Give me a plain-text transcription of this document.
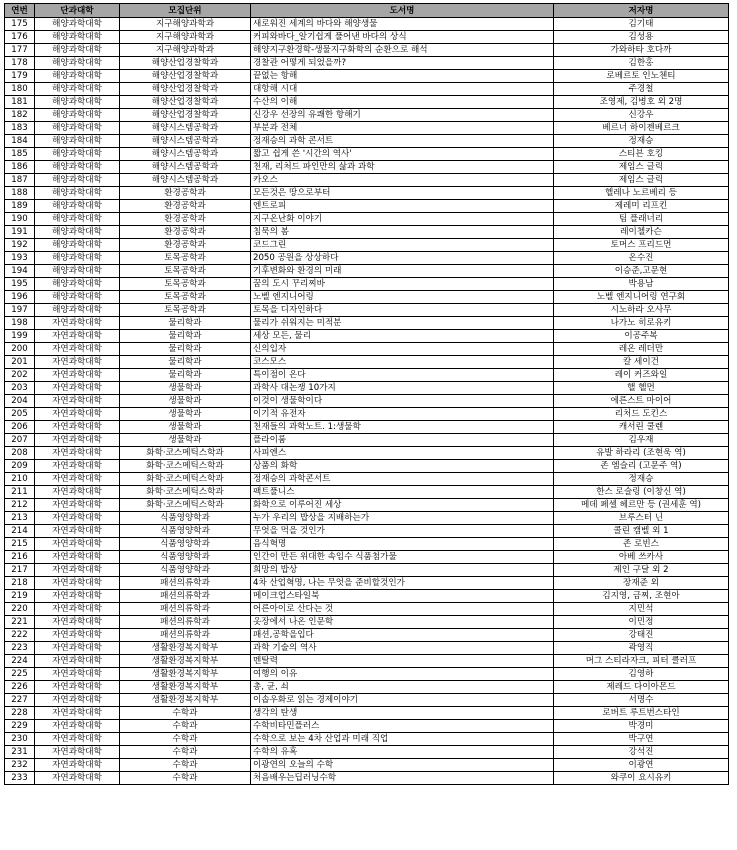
연번	단과대학	모집단위	도서명	저자명
175	해양과학대학	지구해양과학과	새로워진 세계의 바다와 해양생물	김기태
176	해양과학대학	지구해양과학과	커피와바다_알기쉽게 풀어낸 바다의 상식	김성용
177	해양과학대학	지구해양과학과	해양지구환경학-생물지구화학의 순환으로 해석	가와하타 호다까
178	해양과학대학	해양산업경찰학과	경찰관 어떻게 되었을까?	김한홍
179	해양과학대학	해양산업경찰학과	끝없는 항해	로베르토 인노첸티
180	해양과학대학	해양산업경찰학과	대항해 시대	주경철
181	해양과학대학	해양산업경찰학과	수산의 이해	조영제, 김병호 외 2명
182	해양과학대학	해양산업경찰학과	신강우 선장의 유쾌한 항해기	신강우
183	해양과학대학	해양시스템공학과	부분과 전체	베르너 하이젠베르크
184	해양과학대학	해양시스템공학과	정재승의 과학 콘서트	정재승
185	해양과학대학	해양시스템공학과	짧고 쉽게 쓴 '시간의 역사'	스티븐 호킹
186	해양과학대학	해양시스템공학과	천재, 리처드 파인만의 삶과 과학	제임스 글릭
187	해양과학대학	해양시스템공학과	카오스	제임스 글릭
188	해양과학대학	환경공학과	모든것은 땅으로부터	헬레나 노르베리 등
189	해양과학대학	환경공학과	엔트로피	제레미 리프킨
190	해양과학대학	환경공학과	지구온난화 이야기	팀 플래너리
191	해양과학대학	환경공학과	침묵의 봄	레이첼카슨
192	해양과학대학	환경공학과	코드그린	토머스 프리드먼
193	해양과학대학	토목공학과	2050 공원을 상상하다	온수진
194	해양과학대학	토목공학과	기후변화와 환경의 미래	이승준,고문현
195	해양과학대학	토목공학과	꿈의 도시 꾸리찌바	박용남
196	해양과학대학	토목공학과	노벨 엔지니어링	노벨 엔지니어링 연구회
197	해양과학대학	토목공학과	토목을 디자인하다	시노하라 오사무
198	자연과학대학	물리학과	물리가 쉬워지는 미적분	나가노 히로유키
199	자연과학대학	물리학과	세상 모든, 물리	이공주복
200	자연과학대학	물리학과	신의입자	레온 레더만
201	자연과학대학	물리학과	코스모스	칼 세이건
202	자연과학대학	물리학과	특이점이 온다	레이 커즈와일
203	자연과학대학	생물학과	과학사 대논쟁 10가지	핼 헬먼
204	자연과학대학	생물학과	이것이 생물학이다	에른스트 마이어
205	자연과학대학	생물학과	이기적 유전자	리처드 도킨스
206	자연과학대학	생물학과	천재들의 과학노트. 1:생물학	캐서린 쿨렌
207	자연과학대학	생물학과	플라이룸	김우재
208	자연과학대학	화학·코스메틱스학과	사피엔스	유발 하라리 (조현욱 역)
209	자연과학대학	화학·코스메틱스학과	상품의 화학	존 엠슬리 (고문주 역)
210	자연과학대학	화학·코스메틱스학과	정재승의 과학콘서트	정재승
211	자연과학대학	화학·코스메틱스학과	팩트풀니스	한스 로슬링 (이창신 역)
212	자연과학대학	화학·코스메틱스학과	화학으로 이루어진 세상	메데 페셀 헤르만 등 (권세훈 역)
213	자연과학대학	식품영양학과	누가 우리의 밥상을 지배하는가	브루스터 닌
214	자연과학대학	식품영양학과	무엇을 먹을 것인가	콜린 캠벨 외 1
215	자연과학대학	식품영양학과	음식혁명	존 로빈스
216	자연과학대학	식품영양학과	인간이 만든 위대한 속임수 식품첨가물	아베 쓰카사
217	자연과학대학	식품영양학과	희망의 밥상	제인 구달 외 2
218	자연과학대학	패션의류학과	4차 산업혁명, 나는 무엇을 준비할것인가	장재준 외
219	자연과학대학	패션의류학과	메이크업스타일북	김지영, 금찌, 조현아
220	자연과학대학	패션의류학과	어른아이로 산다는 것	지민석
221	자연과학대학	패션의류학과	옷장에서 나온 인문학	이민정
222	자연과학대학	패션의류학과	패션,공학을입다	강태진
223	자연과학대학	생활환경복지학부	과학 기술의 역사	곽영직
224	자연과학대학	생활환경복지학부	멘탈력	머그 스티라자크, 피터 클러프
225	자연과학대학	생활환경복지학부	여행의 이유	김영하
226	자연과학대학	생활환경복지학부	총, 균, 쇠	제레드 다이아몬드
227	자연과학대학	생활환경복지학부	이솝우화로 읽는 경제이야기	서명수
228	자연과학대학	수학과	생각의 탄생	로버트 루트번스타인
229	자연과학대학	수학과	수학비타민플러스	박경미
230	자연과학대학	수학과	수학으로 보는 4차 산업과 미래 직업	박구연
231	자연과학대학	수학과	수학의 유혹	강석진
232	자연과학대학	수학과	이광연의 오늘의 수학	이광연
233	자연과학대학	수학과	처음배우는딥러닝수학	와쿠이 요시유키
